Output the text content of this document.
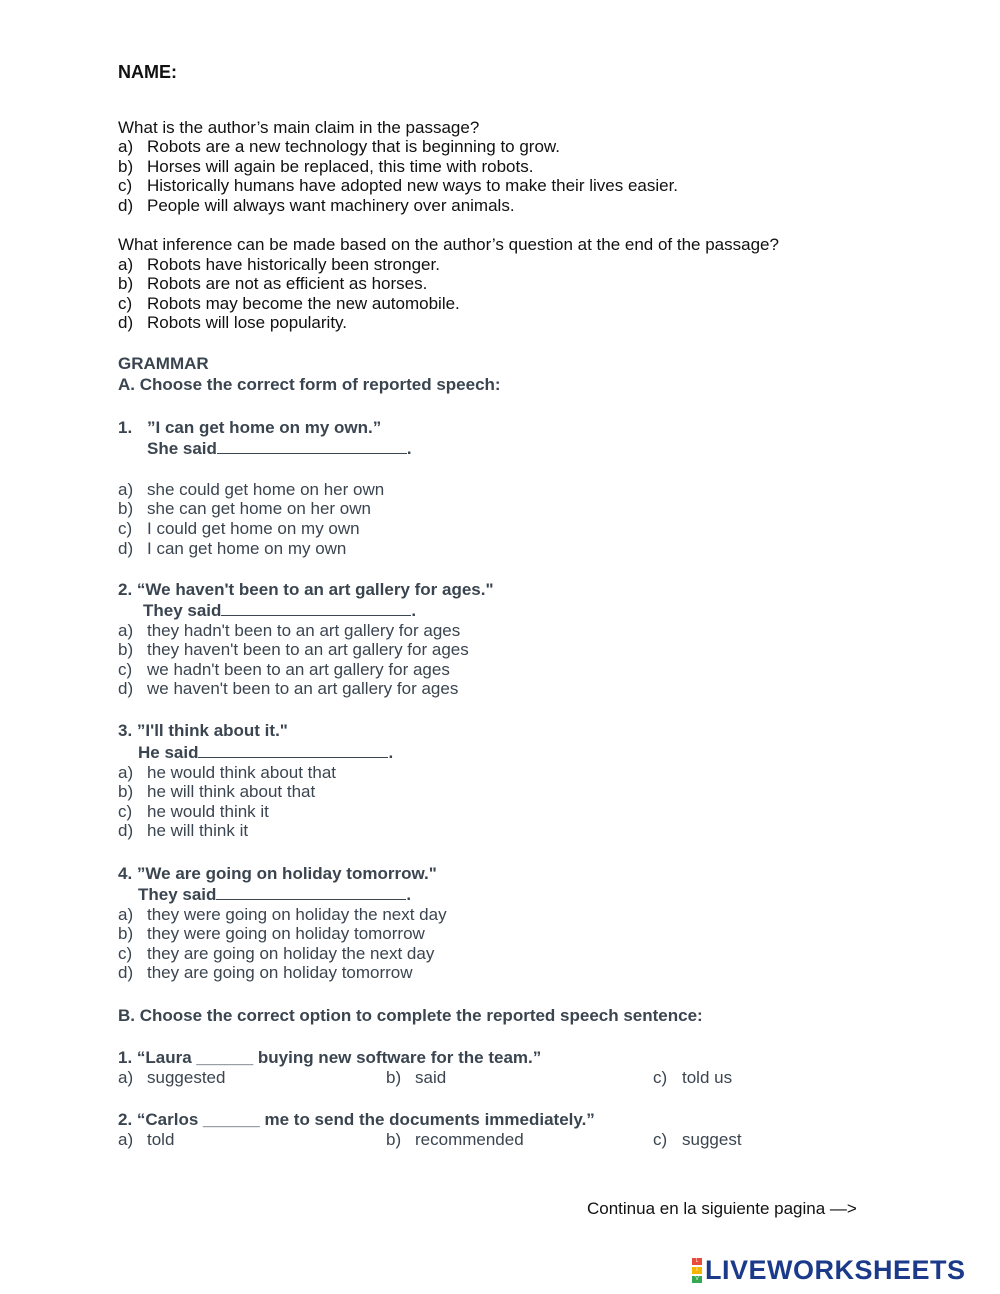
NAME:
What is the author’s main claim in the passage?
a) Robots are a new technology that is beginning to grow.
b) Horses will again be replaced, this time with robots.
c) Historically humans have adopted new ways to make their lives easier.
d) People will always want machinery over animals.
What inference can be made based on the author’s question at the end of the passage?
a) Robots have historically been stronger.
b) Robots are not as efficient as horses.
c) Robots may become the new automobile.
d) Robots will lose popularity.
GRAMMAR
A. Choose the correct form of reported speech:
1. ”I can get home on my own.”
She said	.
a) she could get home on her own
b) she can get home on her own
c) I could get home on my own
d) I can get home on my own
2. “We haven't been to an art gallery for ages."
They said	.
a) they hadn't been to an art gallery for ages
b) they haven't been to an art gallery for ages
c) we hadn't been to an art gallery for ages
d) we haven't been to an art gallery for ages
3. ”I'll think about it."
He said	.
a) he would think about that
b) he will think about that
c) he would think it
d) he will think it
4. ”We are going on holiday tomorrow."
They said	.
a) they were going on holiday the next day
b) they were going on holiday tomorrow
c) they are going on holiday the next day
d) they are going on holiday tomorrow
B. Choose the correct option to complete the reported speech sentence:
1. “Laura ______ buying new software for the team.”
a) suggested	b) said	c) told us
2. “Carlos ______ me to send the documents immediately.”
a) told	b) recommended	c) suggest
Continua en la siguiente pagina —>
L
I
V LIVEWORKSHEETS
